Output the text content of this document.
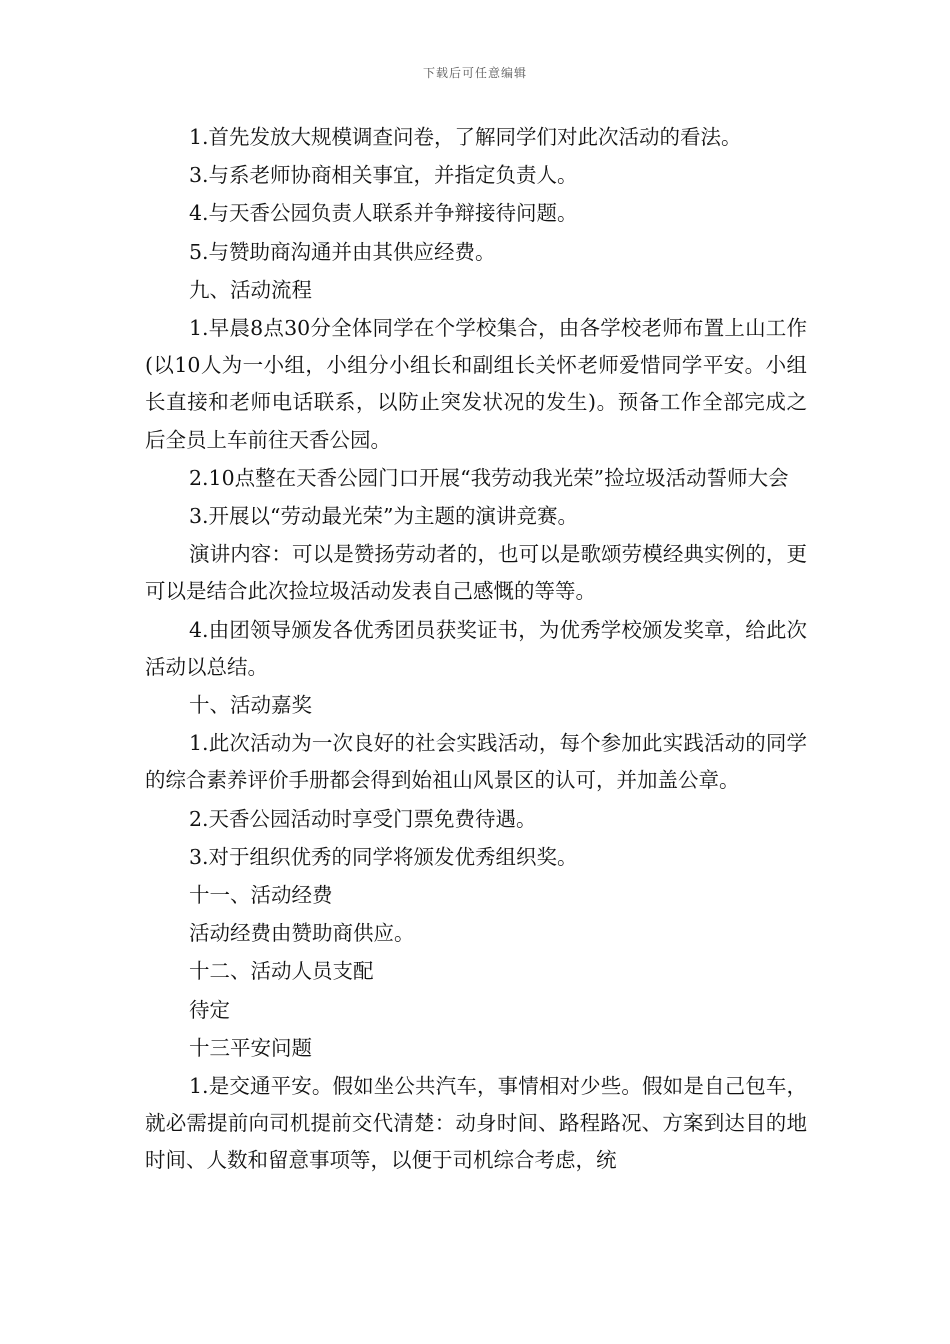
下载后可任意编辑

1.首先发放大规模调查问卷，了解同学们对此次活动的看法。

3.与系老师协商相关事宜，并指定负责人。

4.与天香公园负责人联系并争辩接待问题。

5.与赞助商沟通并由其供应经费。

九、活动流程

1.早晨8点30分全体同学在个学校集合，由各学校老师布置上山工作(以10人为一小组，小组分小组长和副组长关怀老师爱惜同学平安。小组长直接和老师电话联系，以防止突发状况的发生)。预备工作全部完成之后全员上车前往天香公园。

2.10点整在天香公园门口开展“我劳动我光荣”捡垃圾活动誓师大会

3.开展以“劳动最光荣”为主题的演讲竞赛。

演讲内容：可以是赞扬劳动者的，也可以是歌颂劳模经典实例的，更可以是结合此次捡垃圾活动发表自己感慨的等等。

4.由团领导颁发各优秀团员获奖证书，为优秀学校颁发奖章，给此次活动以总结。

十、活动嘉奖

1.此次活动为一次良好的社会实践活动，每个参加此实践活动的同学的综合素养评价手册都会得到始祖山风景区的认可，并加盖公章。

2.天香公园活动时享受门票免费待遇。

3.对于组织优秀的同学将颁发优秀组织奖。

十一、活动经费

活动经费由赞助商供应。

十二、活动人员支配

待定

十三平安问题

1.是交通平安。假如坐公共汽车，事情相对少些。假如是自己包车，就必需提前向司机提前交代清楚：动身时间、路程路况、方案到达目的地时间、人数和留意事项等，以便于司机综合考虑，统
